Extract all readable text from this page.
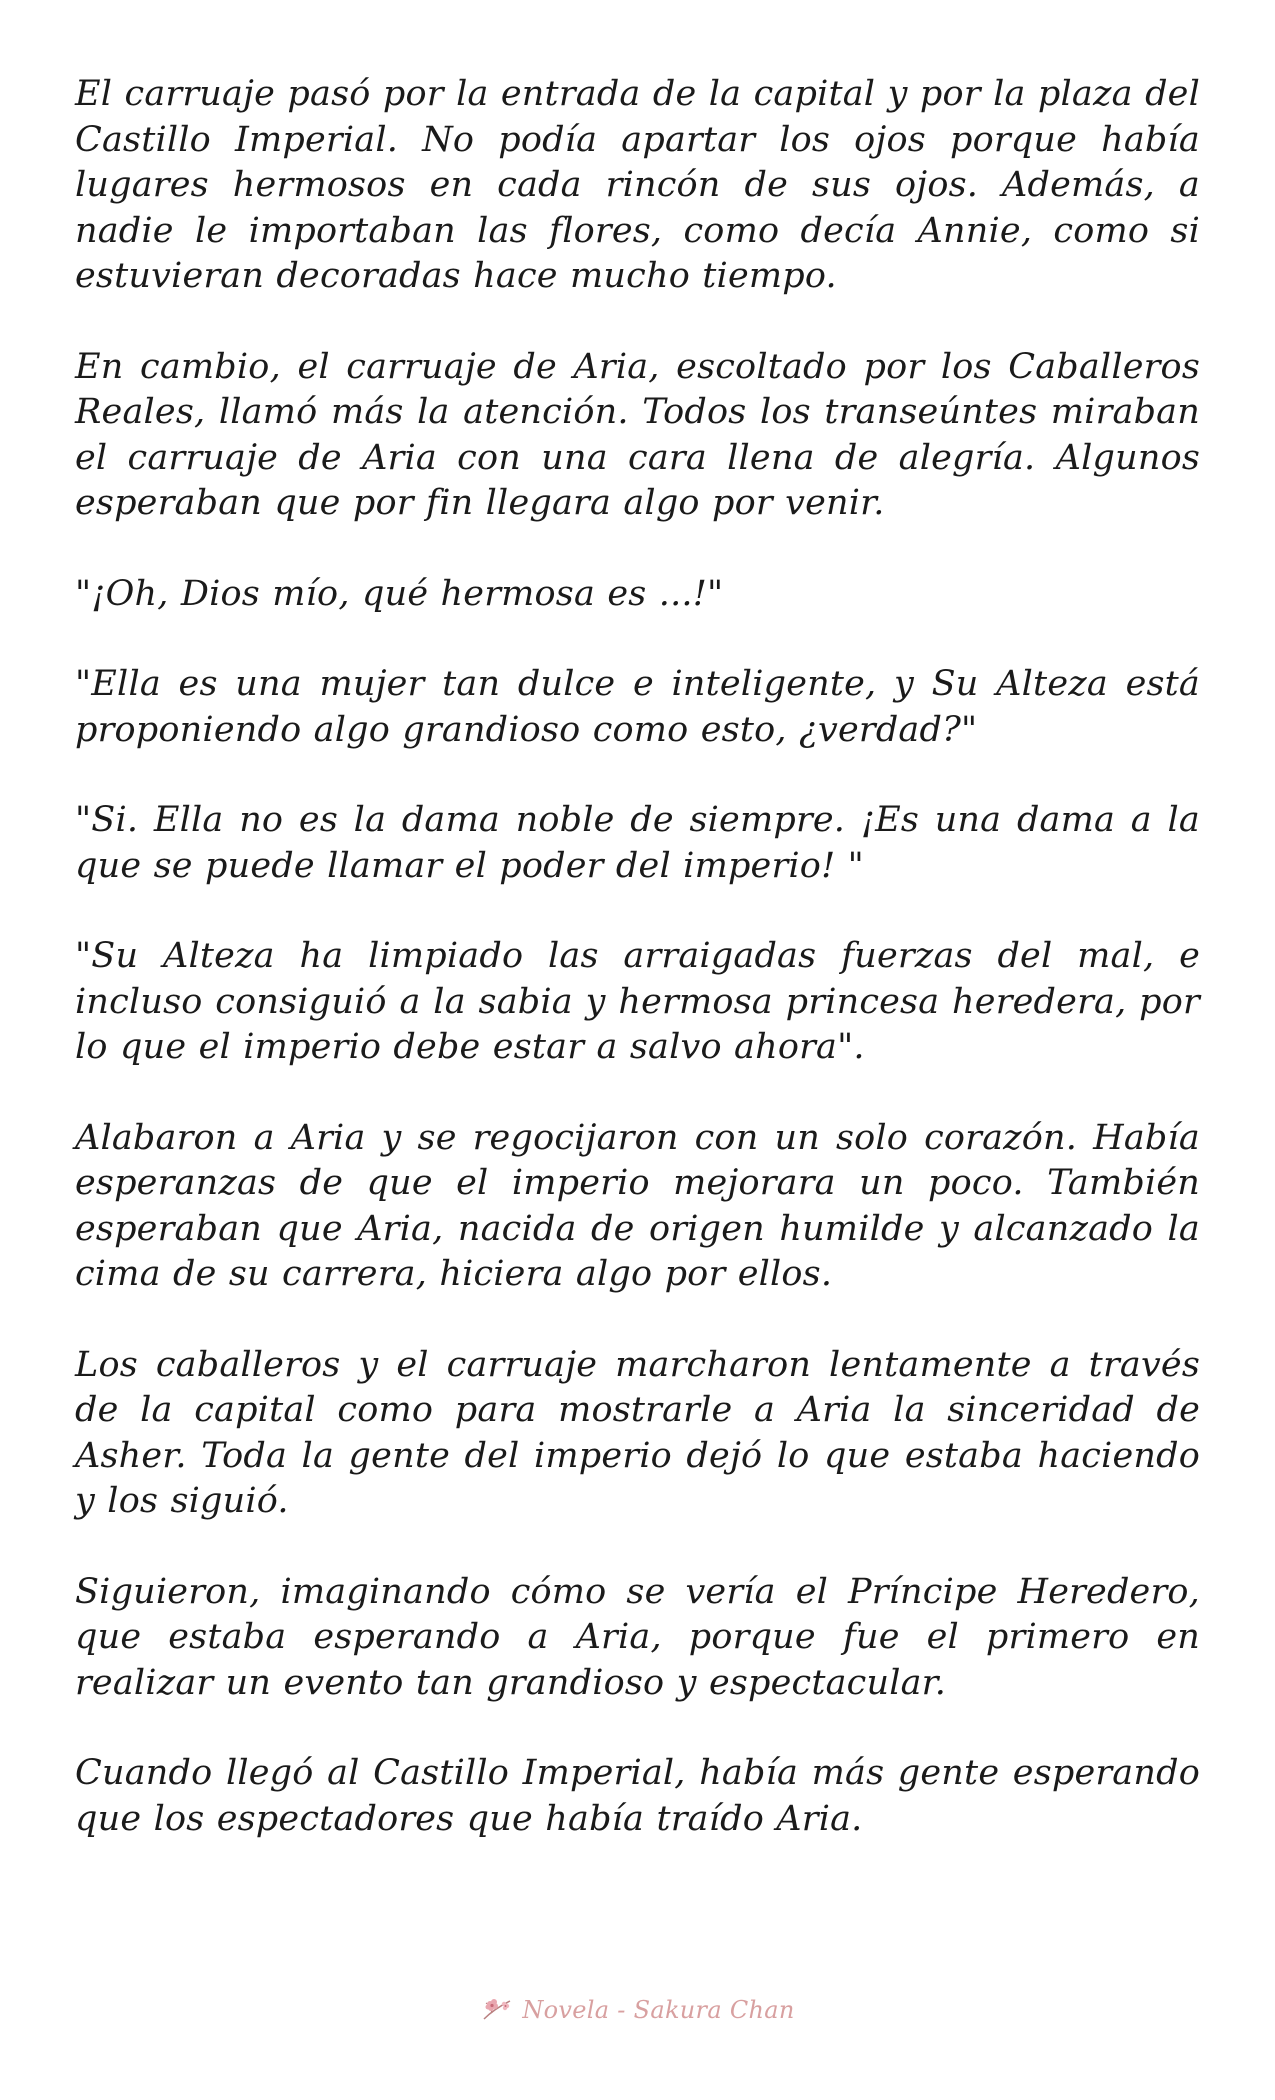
El carruaje pasó por la entrada de la capital y por la plaza del Castillo Imperial. No podía apartar los ojos porque había lugares hermosos en cada rincón de sus ojos. Además, a nadie le importaban las flores, como decía Annie, como si estuvieran decoradas hace mucho tiempo.

En cambio, el carruaje de Aria, escoltado por los Caballeros Reales, llamó más la atención. Todos los transeúntes miraban el carruaje de Aria con una cara llena de alegría. Algunos esperaban que por fin llegara algo por venir.

"¡Oh, Dios mío, qué hermosa es ...!"

"Ella es una mujer tan dulce e inteligente, y Su Alteza está proponiendo algo grandioso como esto, ¿verdad?"

"Si. Ella no es la dama noble de siempre. ¡Es una dama a la que se puede llamar el poder del imperio! "

"Su Alteza ha limpiado las arraigadas fuerzas del mal, e incluso consiguió a la sabia y hermosa princesa heredera, por lo que el imperio debe estar a salvo ahora".

Alabaron a Aria y se regocijaron con un solo corazón. Había esperanzas de que el imperio mejorara un poco. También esperaban que Aria, nacida de origen humilde y alcanzado la cima de su carrera, hiciera algo por ellos.

Los caballeros y el carruaje marcharon lentamente a través de la capital como para mostrarle a Aria la sinceridad de Asher. Toda la gente del imperio dejó lo que estaba haciendo y los siguió.

Siguieron, imaginando cómo se vería el Príncipe Heredero, que estaba esperando a Aria, porque fue el primero en realizar un evento tan grandioso y espectacular.

Cuando llegó al Castillo Imperial, había más gente esperando que los espectadores que había traído Aria.

Novela - Sakura Chan
